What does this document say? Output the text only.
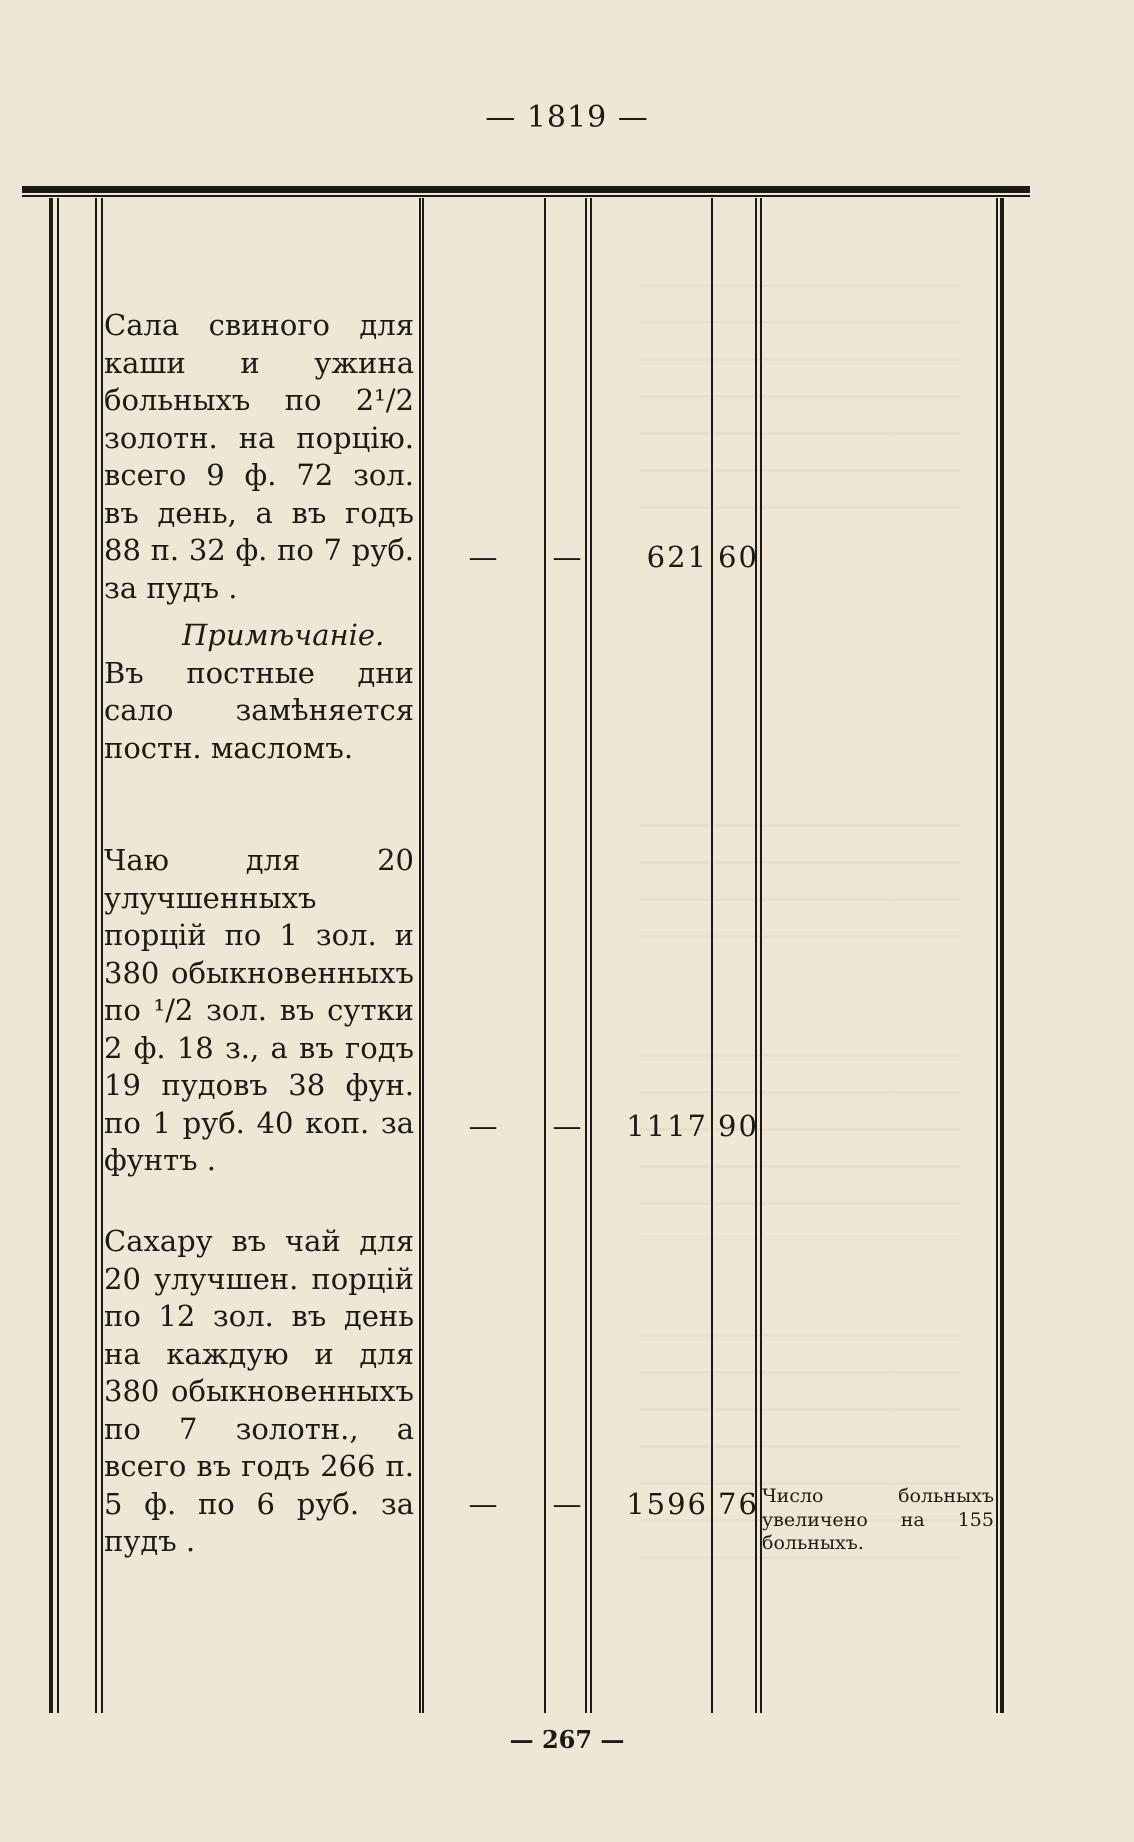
— 1819 —
Сала свиного для каши и ужина больныхъ по 2¹/2 золотн. на порцію. всего 9 ф. 72 зол. въ день, а въ годъ 88 п. 32 ф. по 7 руб. за пудъ .
—	—	621 60
Примѣчаніе. Въ постные дни сало замѣняется постн. масломъ.
Чаю для 20 улучшенныхъ порцій по 1 зол. и 380 обыкновенныхъ по ¹/2 зол. въ сутки 2 ф. 18 з., а въ годъ 19 пудовъ 38 фун. по 1 руб. 40 коп. за фунтъ .
—	—	1117 90
Сахару въ чай для 20 улучшен. порцій по 12 зол. въ день на каждую и для 380 обыкновенныхъ по 7 золотн., а всего въ годъ 266 п. 5 ф. по 6 руб. за пудъ .
—	—	1596 76 Число больныхъ увеличено на 155 больныхъ.
— 267 —
